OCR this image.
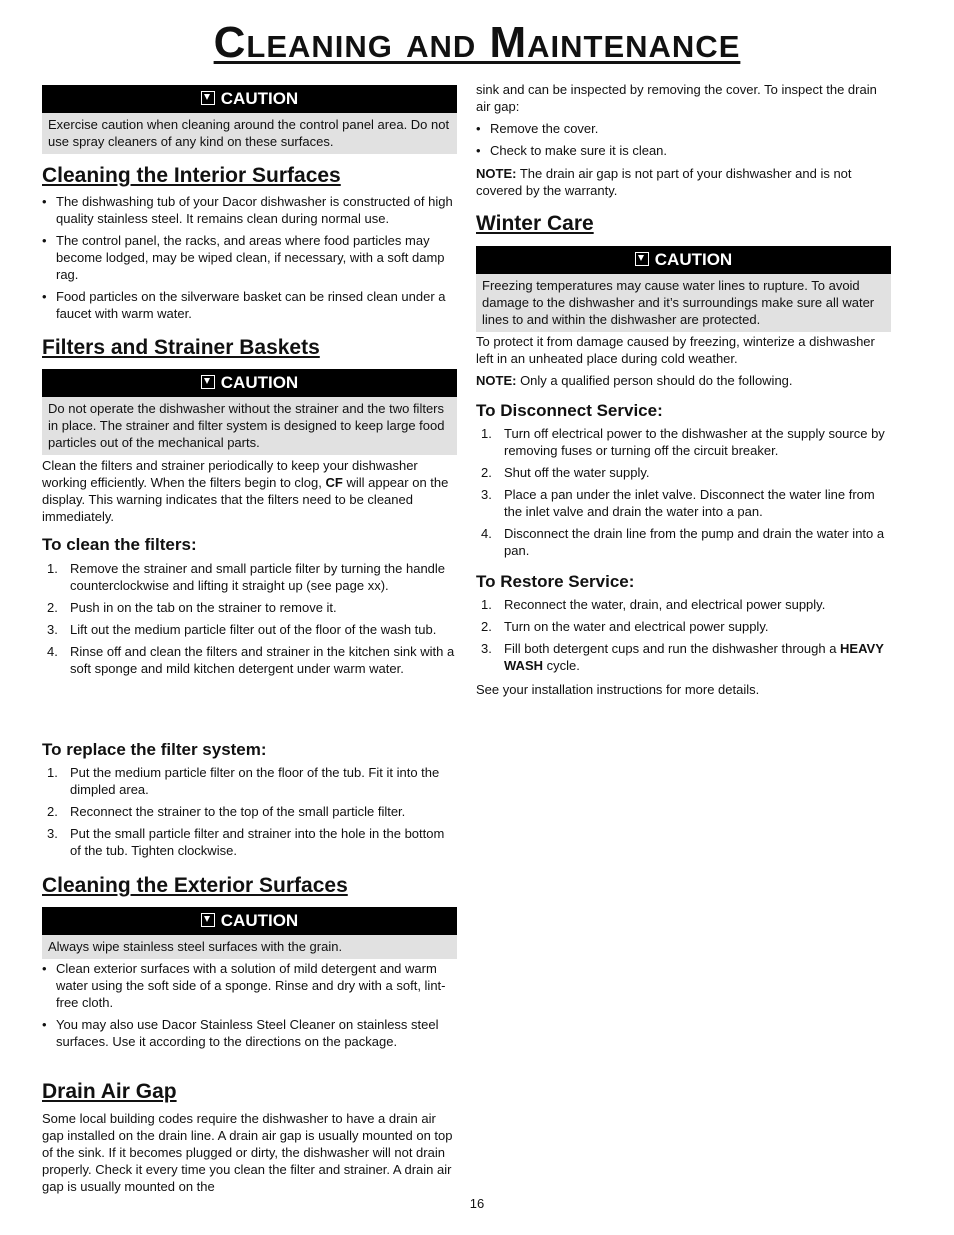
Cleaning and Maintenance
CAUTION
Exercise caution when cleaning around the control panel area. Do not use spray cleaners of any kind on these surfaces.
Cleaning the Interior Surfaces
• The dishwashing tub of your Dacor dishwasher is constructed of high quality stainless steel. It remains clean during normal use.
• The control panel, the racks, and areas where food particles may become lodged, may be wiped clean, if necessary, with a soft damp rag.
• Food particles on the silverware basket can be rinsed clean under a faucet with warm water.
Filters and Strainer Baskets
CAUTION
Do not operate the dishwasher without the strainer and the two filters in place. The strainer and filter system is designed to keep large food particles out of the mechanical parts.

Clean the filters and strainer periodically to keep your dishwasher working efficiently. When the filters begin to clog, CF will appear on the display. This warning indicates that the filters need to be cleaned immediately.

To clean the filters:
1. Remove the strainer and small particle filter by turning the handle counterclockwise and lifting it straight up (see page xx).
2. Push in on the tab on the strainer to remove it.
3. Lift out the medium particle filter out of the floor of the wash tub.
4. Rinse off and clean the filters and strainer in the kitchen sink with a soft sponge and mild kitchen detergent under warm water.
To replace the filter system:
1. Put the medium particle filter on the floor of the tub. Fit it into the dimpled area.
2. Reconnect the strainer to the top of the small particle filter.
3. Put the small particle filter and strainer into the hole in the bottom of the tub. Tighten clockwise.
Cleaning the Exterior Surfaces
CAUTION
Always wipe stainless steel surfaces with the grain.
• Clean exterior surfaces with a solution of mild detergent and warm water using the soft side of a sponge. Rinse and dry with a soft, lint-free cloth.
• You may also use Dacor Stainless Steel Cleaner on stainless steel surfaces. Use it according to the directions on the package.
Drain Air Gap

Some local building codes require the dishwasher to have a drain air gap installed on the drain line. A drain air gap is usually mounted on top of the sink. If it becomes plugged or dirty, the dishwasher will not drain properly. Check it every time you clean the filter and strainer. A drain air gap is usually mounted on the

sink and can be inspected by removing the cover. To inspect the drain air gap:

• Remove the cover.
• Check to make sure it is clean.

NOTE: The drain air gap is not part of your dishwasher and is not covered by the warranty.

Winter Care
CAUTION
Freezing temperatures may cause water lines to rupture. To avoid damage to the dishwasher and it’s surroundings make sure all water lines to and within the dishwasher are protected.

To protect it from damage caused by freezing, winterize a dishwasher left in an unheated place during cold weather.

NOTE: Only a qualified person should do the following.

To Disconnect Service:
1. Turn off electrical power to the dishwasher at the supply source by removing fuses or turning off the circuit breaker.
2. Shut off the water supply.
3. Place a pan under the inlet valve. Disconnect the water line from the inlet valve and drain the water into a pan.
4. Disconnect the drain line from the pump and drain the water into a pan.
To Restore Service:
1. Reconnect the water, drain, and electrical power supply.
2. Turn on the water and electrical power supply.
3. Fill both detergent cups and run the dishwasher through a HEAVY WASH cycle.

See your installation instructions for more details.

16
